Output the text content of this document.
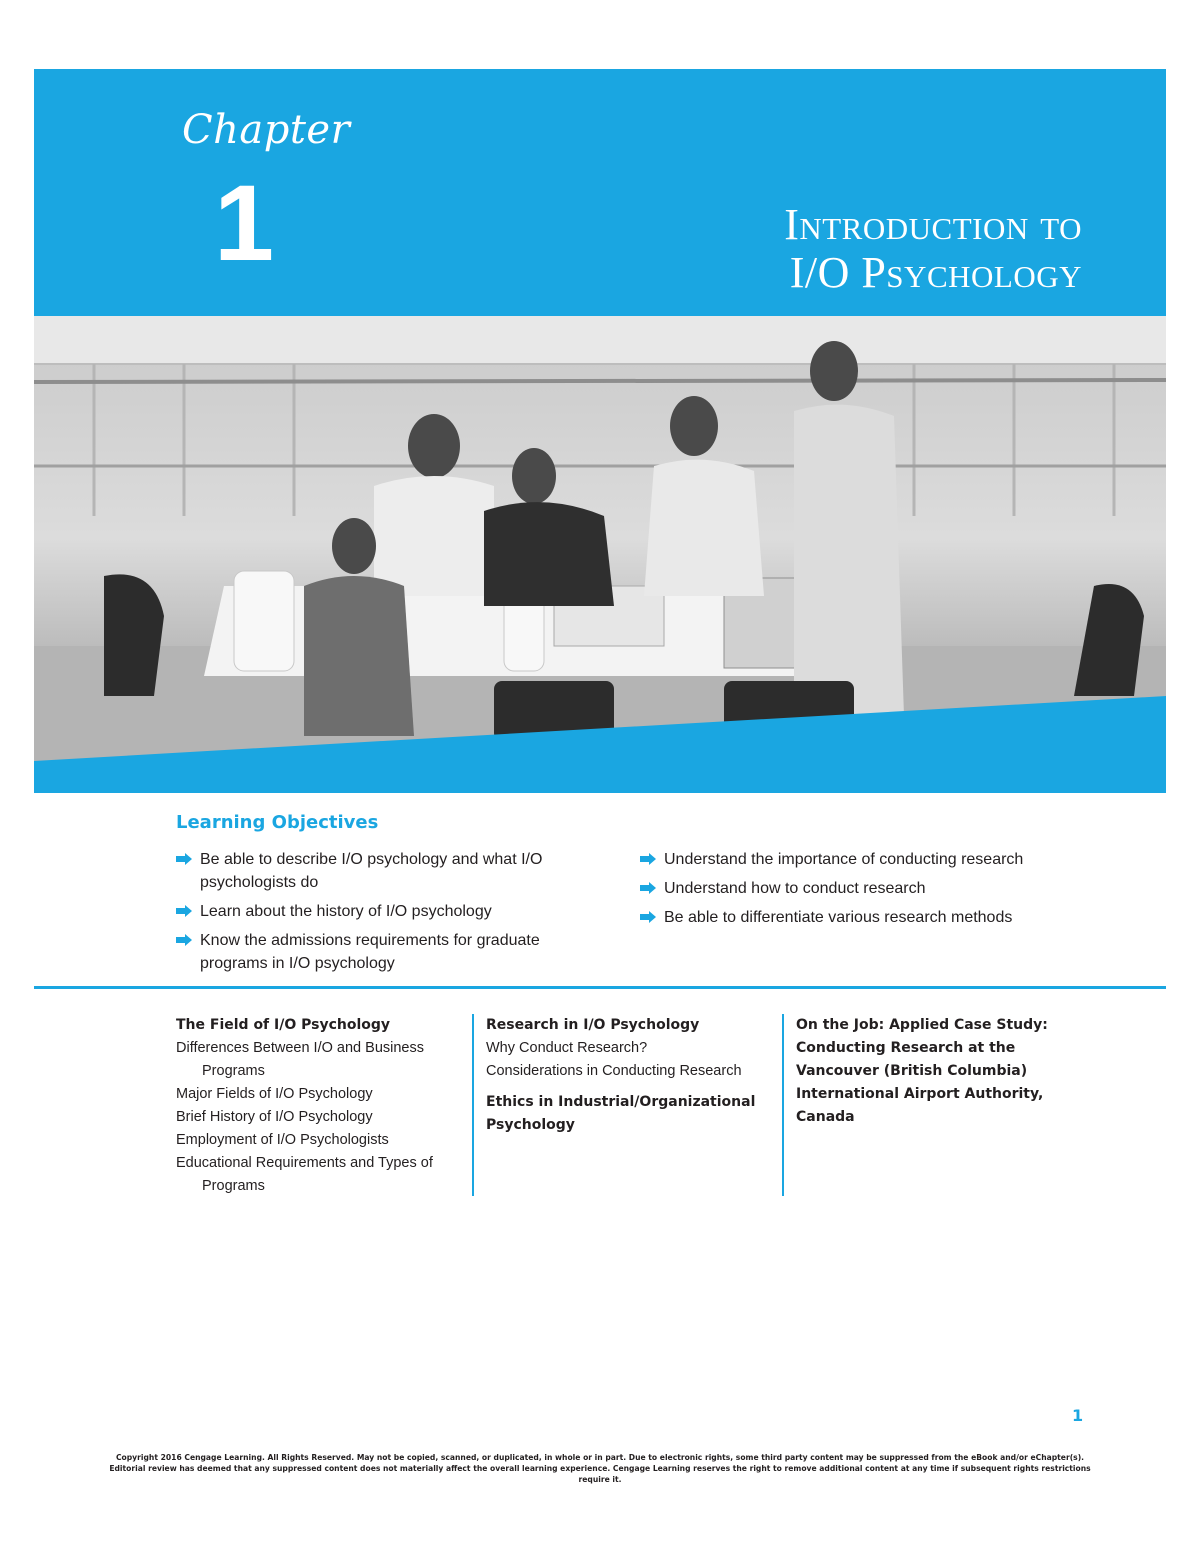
Chapter
1	Introduction to
I/O Psychology
Learning Objectives
Be able to describe I/O psychology and what I/O psychologists do
Learn about the history of I/O psychology
Know the admissions requirements for graduate programs in I/O psychology
Understand the importance of conducting research
Understand how to conduct research
Be able to differentiate various research methods
The Field of I/O Psychology
Differences Between I/O and Business Programs
Major Fields of I/O Psychology
Brief History of I/O Psychology
Employment of I/O Psychologists
Educational Requirements and Types of Programs
Research in I/O Psychology
Why Conduct Research?
Considerations in Conducting Research
Ethics in Industrial/Organizational Psychology
On the Job: Applied Case Study: Conducting Research at the Vancouver (British Columbia) International Airport Authority, Canada
1
Copyright 2016 Cengage Learning. All Rights Reserved. May not be copied, scanned, or duplicated, in whole or in part. Due to electronic rights, some third party content may be suppressed from the eBook and/or eChapter(s).
Editorial review has deemed that any suppressed content does not materially affect the overall learning experience. Cengage Learning reserves the right to remove additional content at any time if subsequent rights restrictions require it.
